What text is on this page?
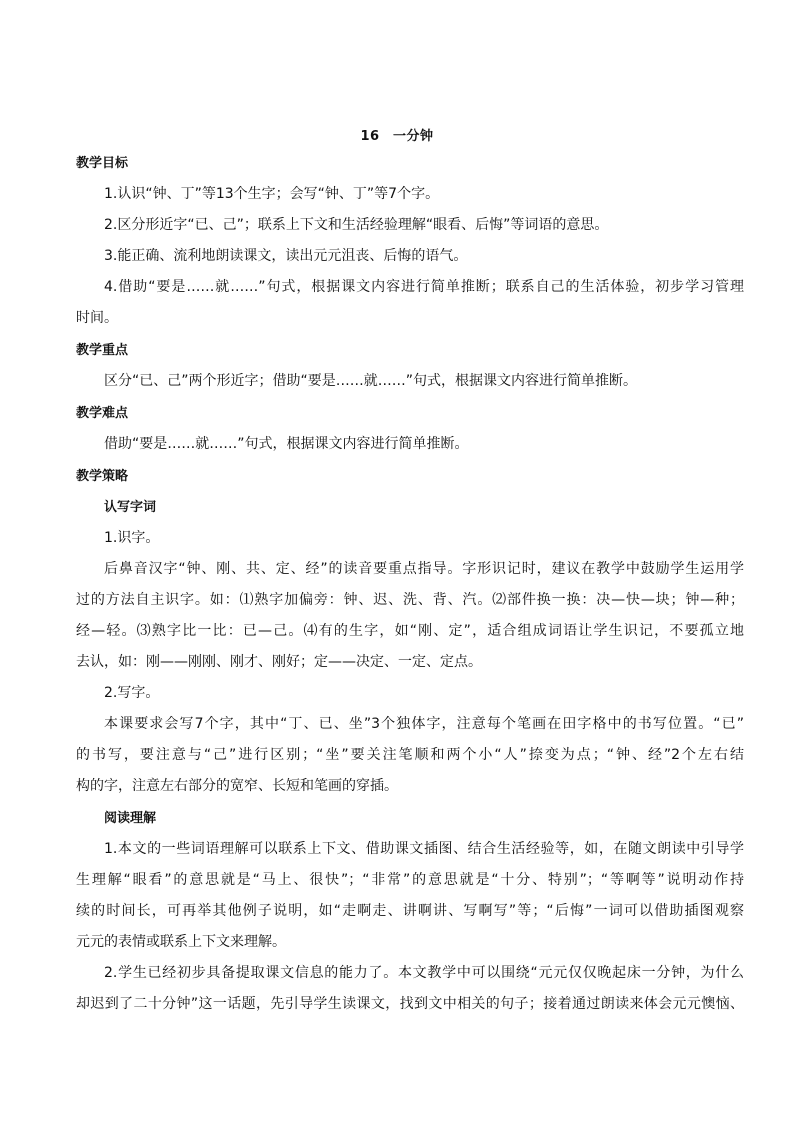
16　一分钟
教学目标
1.认识“钟、丁”等13个生字；会写“钟、丁”等7个字。
2.区分形近字“已、己”；联系上下文和生活经验理解“眼看、后悔”等词语的意思。
3.能正确、流利地朗读课文，读出元元沮丧、后悔的语气。
4.借助“要是……就……”句式，根据课文内容进行简单推断；联系自己的生活体验，初步学习管理
时间。
教学重点
区分“已、己”两个形近字；借助“要是……就……”句式，根据课文内容进行简单推断。
教学难点
借助“要是……就……”句式，根据课文内容进行简单推断。
教学策略
认写字词
1.识字。
后鼻音汉字“钟、刚、共、定、经”的读音要重点指导。字形识记时，建议在教学中鼓励学生运用学
过的方法自主识字。如：⑴熟字加偏旁：钟、迟、洗、背、汽。⑵部件换一换：决—快—块；钟—种；
经—轻。⑶熟字比一比：已—己。⑷有的生字，如“刚、定”，适合组成词语让学生识记，不要孤立地
去认，如：刚——刚刚、刚才、刚好；定——决定、一定、定点。
2.写字。
本课要求会写7个字，其中“丁、已、坐”3个独体字，注意每个笔画在田字格中的书写位置。“已”
的书写，要注意与“己”进行区别；“坐”要关注笔顺和两个小“人”捺变为点；“钟、经”2个左右结
构的字，注意左右部分的宽窄、长短和笔画的穿插。
阅读理解
1.本文的一些词语理解可以联系上下文、借助课文插图、结合生活经验等，如，在随文朗读中引导学
生理解“眼看”的意思就是“马上、很快”；“非常”的意思就是“十分、特别”；“等啊等”说明动作持
续的时间长，可再举其他例子说明，如“走啊走、讲啊讲、写啊写”等；“后悔”一词可以借助插图观察
元元的表情或联系上下文来理解。
2.学生已经初步具备提取课文信息的能力了。本文教学中可以围绕“元元仅仅晚起床一分钟，为什么
却迟到了二十分钟”这一话题，先引导学生读课文，找到文中相关的句子；接着通过朗读来体会元元懊恼、
